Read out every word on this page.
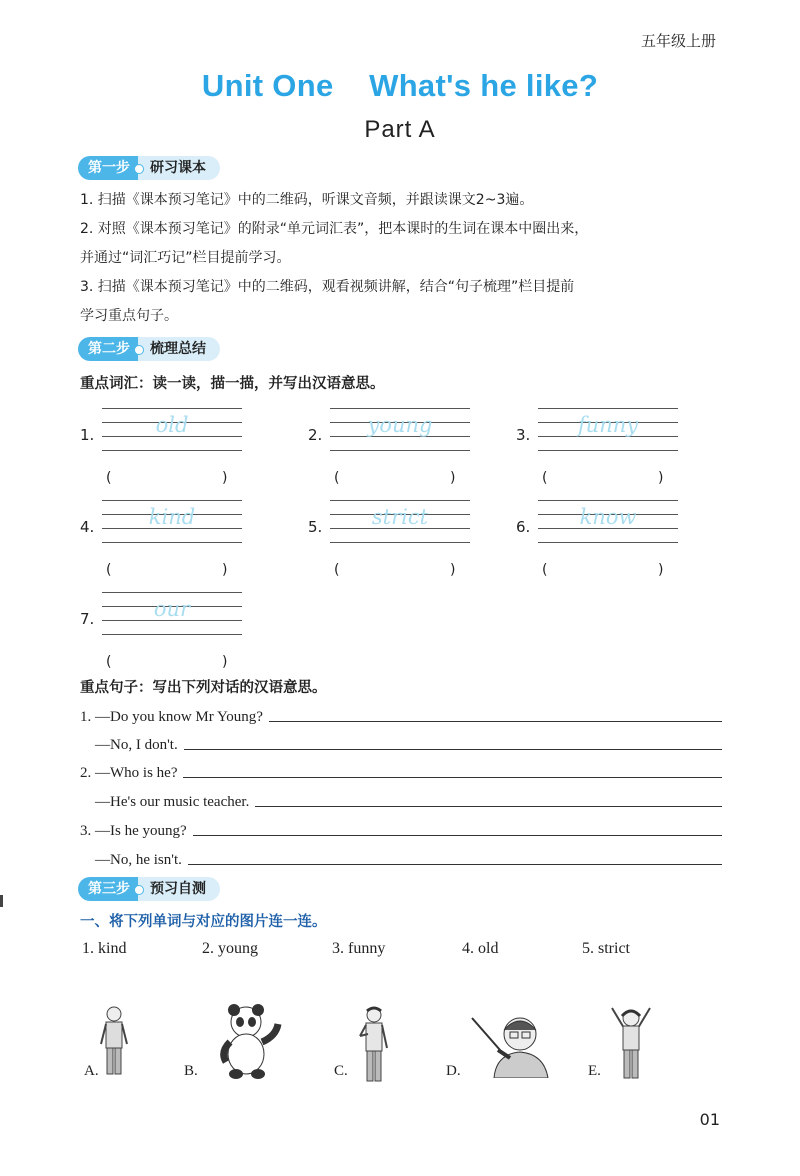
五年级上册
Unit One    What's he like?
Part A
第一步	研习课本
1. 扫描《课本预习笔记》中的二维码，听课文音频，并跟读课文2~3遍。
2. 对照《课本预习笔记》的附录“单元词汇表”，把本课时的生词在课本中圈出来，
并通过“词汇巧记”栏目提前学习。
3. 扫描《课本预习笔记》中的二维码，观看视频讲解，结合“句子梳理”栏目提前
学习重点句子。
第二步	梳理总结
重点词汇：读一读，描一描，并写出汉语意思。
1.	old
(	)
2.	young
(	)
3.	funny
(	)
4.	kind
(	)
5.	strict
(	)
6.	know
(	)
7.	our
(	)
重点句子：写出下列对话的汉语意思。
1. —Do you know Mr Young?
—No, I don't.
2. —Who is he?
—He's our music teacher.
3. —Is he young?
—No, he isn't.
第三步	预习自测
一、将下列单词与对应的图片连一连。
1. kind	2. young	3. funny	4. old	5. strict
A.	B.	C.	D.	E.
01
